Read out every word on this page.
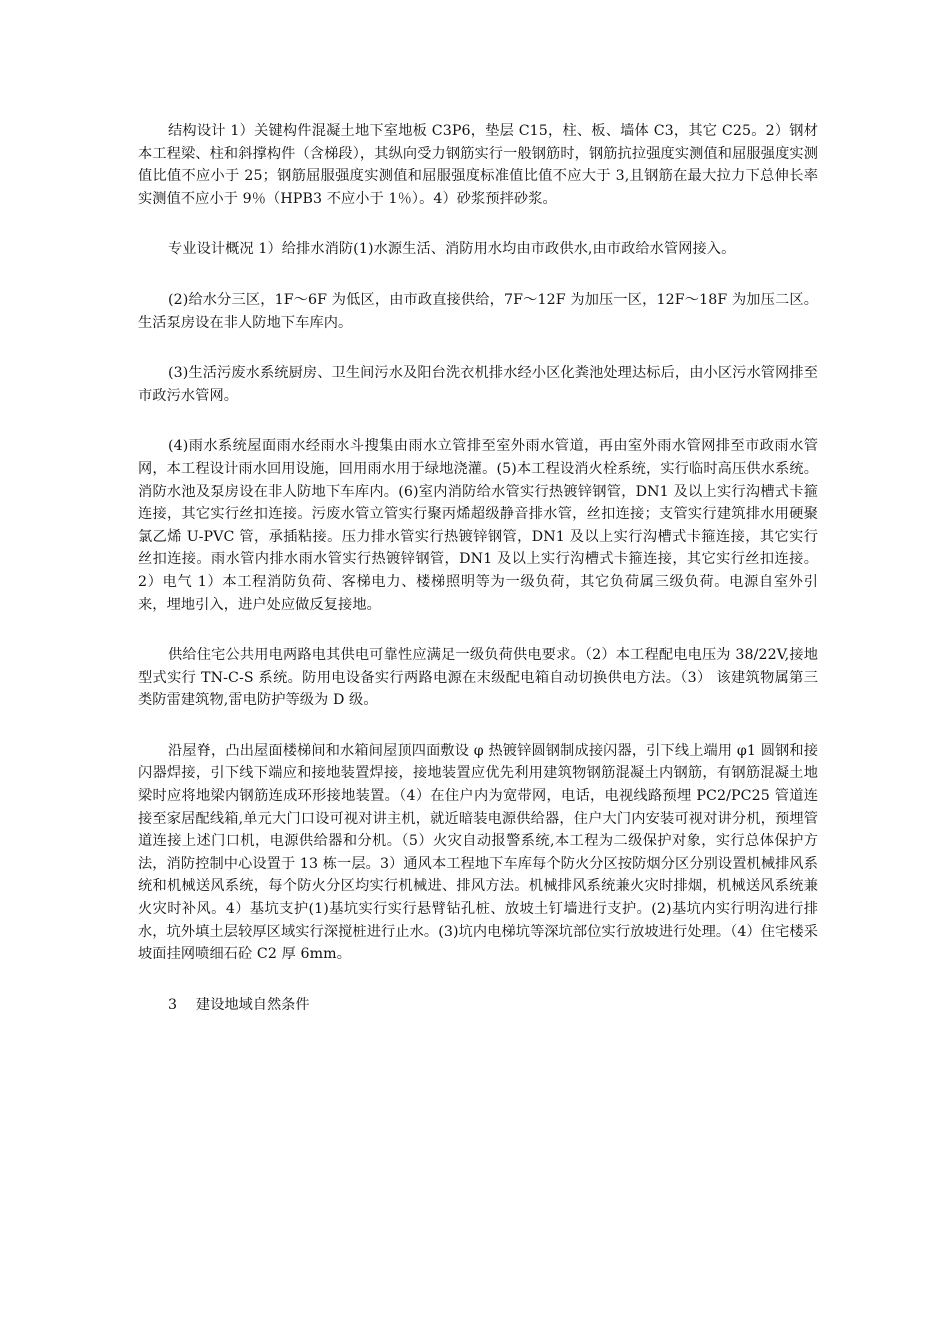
结构设计 1）关键构件混凝土地下室地板 C3P6，垫层 C15，柱、板、墙体 C3，其它 C25。2）钢材本工程梁、柱和斜撑构件（含梯段），其纵向受力钢筋实行一般钢筋时，钢筋抗拉强度实测值和屈服强度实测值比值不应小于 25；钢筋屈服强度实测值和屈服强度标准值比值不应大于 3,且钢筋在最大拉力下总伸长率实测值不应小于 9％（HPB3 不应小于 1％）。4）砂浆预拌砂浆。

专业设计概况 1）给排水消防(1)水源生活、消防用水均由市政供水,由市政给水管网接入。

(2)给水分三区，1F～6F 为低区，由市政直接供给，7F～12F 为加压一区，12F～18F 为加压二区。生活泵房设在非人防地下车库内。

(3)生活污废水系统厨房、卫生间污水及阳台洗衣机排水经小区化粪池处理达标后，由小区污水管网排至市政污水管网。

(4)雨水系统屋面雨水经雨水斗搜集由雨水立管排至室外雨水管道，再由室外雨水管网排至市政雨水管网，本工程设计雨水回用设施，回用雨水用于绿地浇灌。(5)本工程设消火栓系统，实行临时高压供水系统。消防水池及泵房设在非人防地下车库内。(6)室内消防给水管实行热镀锌钢管，DN1 及以上实行沟槽式卡箍连接，其它实行丝扣连接。污废水管立管实行聚丙烯超级静音排水管，丝扣连接；支管实行建筑排水用硬聚氯乙烯 U-PVC 管，承插粘接。压力排水管实行热镀锌钢管，DN1 及以上实行沟槽式卡箍连接，其它实行丝扣连接。雨水管内排水雨水管实行热镀锌钢管，DN1 及以上实行沟槽式卡箍连接，其它实行丝扣连接。2）电气 1）本工程消防负荷、客梯电力、楼梯照明等为一级负荷，其它负荷属三级负荷。电源自室外引来，埋地引入，进户处应做反复接地。

供给住宅公共用电两路电其供电可靠性应满足一级负荷供电要求。（2）本工程配电电压为 38/22V,接地型式实行 TN-C-S 系统。防用电设备实行两路电源在末级配电箱自动切换供电方法。（3） 该建筑物属第三类防雷建筑物,雷电防护等级为 D 级。

沿屋脊，凸出屋面楼梯间和水箱间屋顶四面敷设 φ 热镀锌圆钢制成接闪器，引下线上端用 φ1 圆钢和接闪器焊接，引下线下端应和接地装置焊接，接地装置应优先利用建筑物钢筋混凝土内钢筋，有钢筋混凝土地梁时应将地梁内钢筋连成环形接地装置。（4）在住户内为宽带网，电话，电视线路预埋 PC2/PC25 管道连接至家居配线箱,单元大门口设可视对讲主机，就近暗装电源供给器，住户大门内安装可视对讲分机，预埋管道连接上述门口机，电源供给器和分机。（5）火灾自动报警系统,本工程为二级保护对象，实行总体保护方法，消防控制中心设置于 13 栋一层。3）通风本工程地下车库每个防火分区按防烟分区分别设置机械排风系统和机械送风系统，每个防火分区均实行机械进、排风方法。机械排风系统兼火灾时排烟，机械送风系统兼火灾时补风。4）基坑支护(1)基坑实行实行悬臂钻孔桩、放坡土钉墙进行支护。(2)基坑内实行明沟进行排水，坑外填土层较厚区域实行深搅桩进行止水。(3)坑内电梯坑等深坑部位实行放坡进行处理。（4）住宅楼采坡面挂网喷细石砼 C2 厚 6mm。

3 建设地域自然条件
